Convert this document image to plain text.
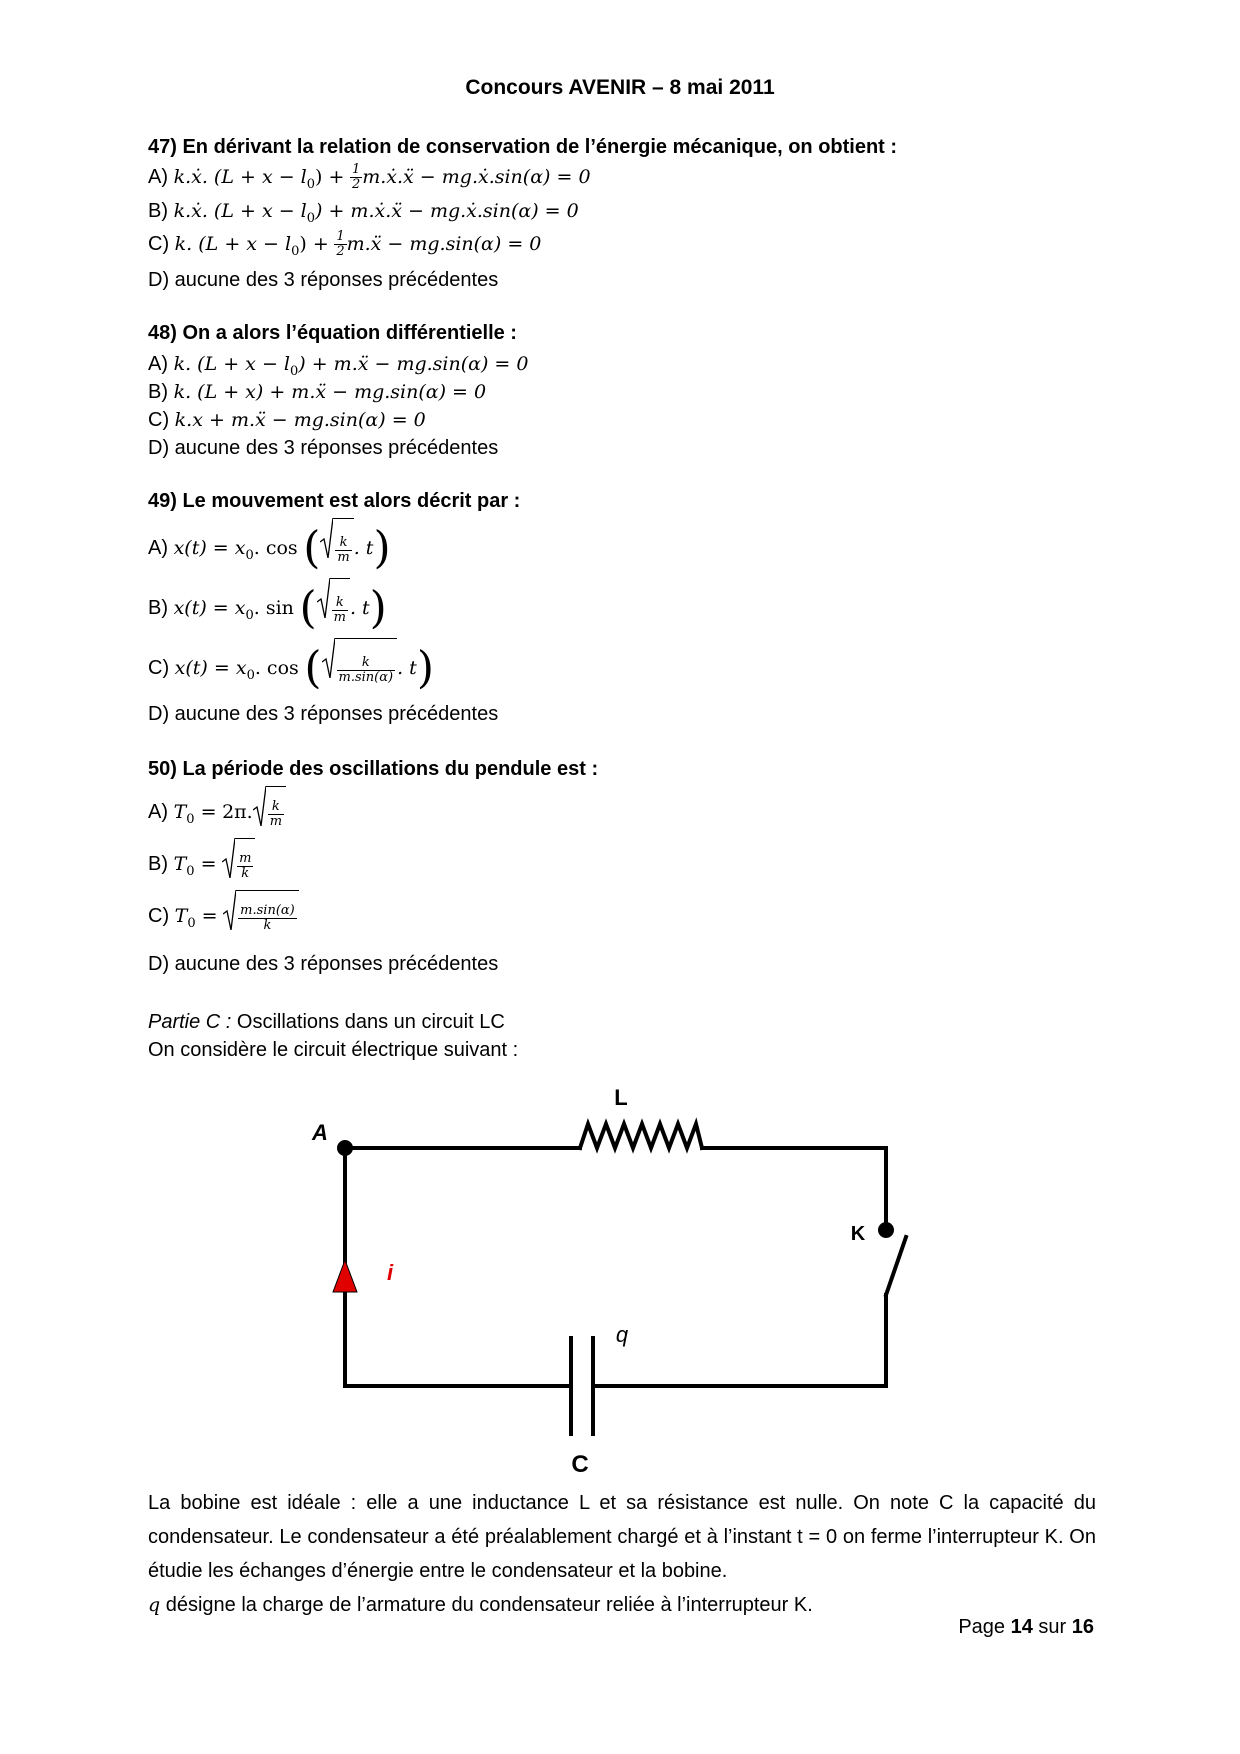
Concours AVENIR – 8 mai 2011
47) En dérivant la relation de conservation de l’énergie mécanique, on obtient :
A) k.ẋ. $(L + x - l_0) + \frac{1}{2}$ m.ẋ.ẍ − mg.ẋ.sin(α) = 0
B) k.ẋ. $(L + x - l_0)$ + m.ẋ.ẍ − mg.ẋ.sin(α) = 0
C) k. $(L + x - l_0) + \frac{1}{2}$ m.ẍ − mg.sin(α) = 0
D) aucune des 3 réponses précédentes
48) On a alors l’équation différentielle :
A) k. $(L + x - l_0)$ + m.ẍ − mg.sin(α) = 0
B) k. (L + x) + m.ẍ − mg.sin(α) = 0
C) k.x + m.ẍ − mg.sin(α) = 0
D) aucune des 3 réponses précédentes
49) Le mouvement est alors décrit par :
A) $x(t) = x_0$. cos ( $\frac{k}{m}$ . t)
B) $x(t) = x_0$. sin ( $\frac{k}{m}$ . t)
C) $x(t) = x_0$. cos ( $\frac{k}{m.\sin(\alpha)}$ . t)
D) aucune des 3 réponses précédentes
50) La période des oscillations du pendule est :
A) $T_0 = 2\pi$. $\frac{k}{m}$
B) $T_0 = \frac{m}{k}$
C) $T_0 = \frac{m.\sin(\alpha)}{k}$
D) aucune des 3 réponses précédentes
Partie C : Oscillations dans un circuit LC
On considère le circuit électrique suivant :
L
A
K
i
q
C
La bobine est idéale : elle a une inductance L et sa résistance est nulle. On note C la capacité du condensateur. Le condensateur a été préalablement chargé et à l’instant t = 0 on ferme l’interrupteur K. On étudie les échanges d’énergie entre le condensateur et la bobine.
q désigne la charge de l’armature du condensateur reliée à l’interrupteur K.
Page 14 sur 16
